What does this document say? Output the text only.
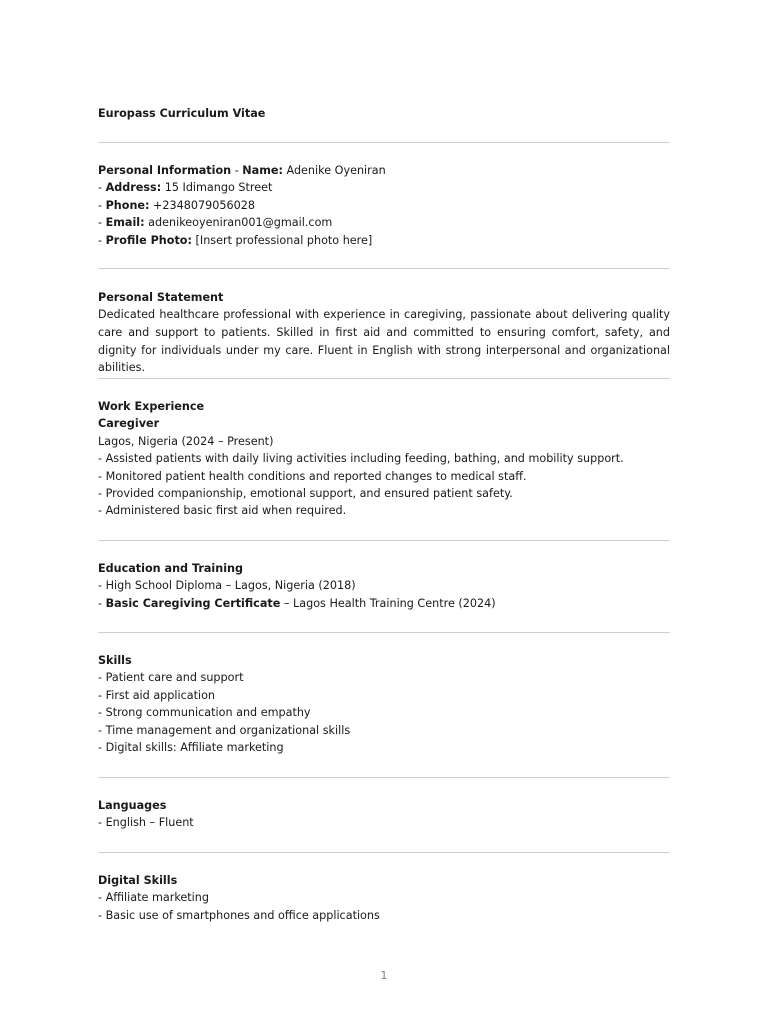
Europass Curriculum Vitae
Personal Information - Name: Adenike Oyeniran
- Address: 15 Idimango Street
- Phone: +2348079056028
- Email: adenikeoyeniran001@gmail.com
- Profile Photo: [Insert professional photo here]
Personal Statement
Dedicated healthcare professional with experience in caregiving, passionate about delivering quality care and support to patients. Skilled in first aid and committed to ensuring comfort, safety, and dignity for individuals under my care. Fluent in English with strong interpersonal and organizational abilities.
Work Experience
Caregiver
Lagos, Nigeria (2024 – Present)
- Assisted patients with daily living activities including feeding, bathing, and mobility support.
- Monitored patient health conditions and reported changes to medical staff.
- Provided companionship, emotional support, and ensured patient safety.
- Administered basic first aid when required.
Education and Training
- High School Diploma – Lagos, Nigeria (2018)
- Basic Caregiving Certificate – Lagos Health Training Centre (2024)
Skills
- Patient care and support
- First aid application
- Strong communication and empathy
- Time management and organizational skills
- Digital skills: Affiliate marketing
Languages
- English – Fluent
Digital Skills
- Affiliate marketing
- Basic use of smartphones and office applications
1
